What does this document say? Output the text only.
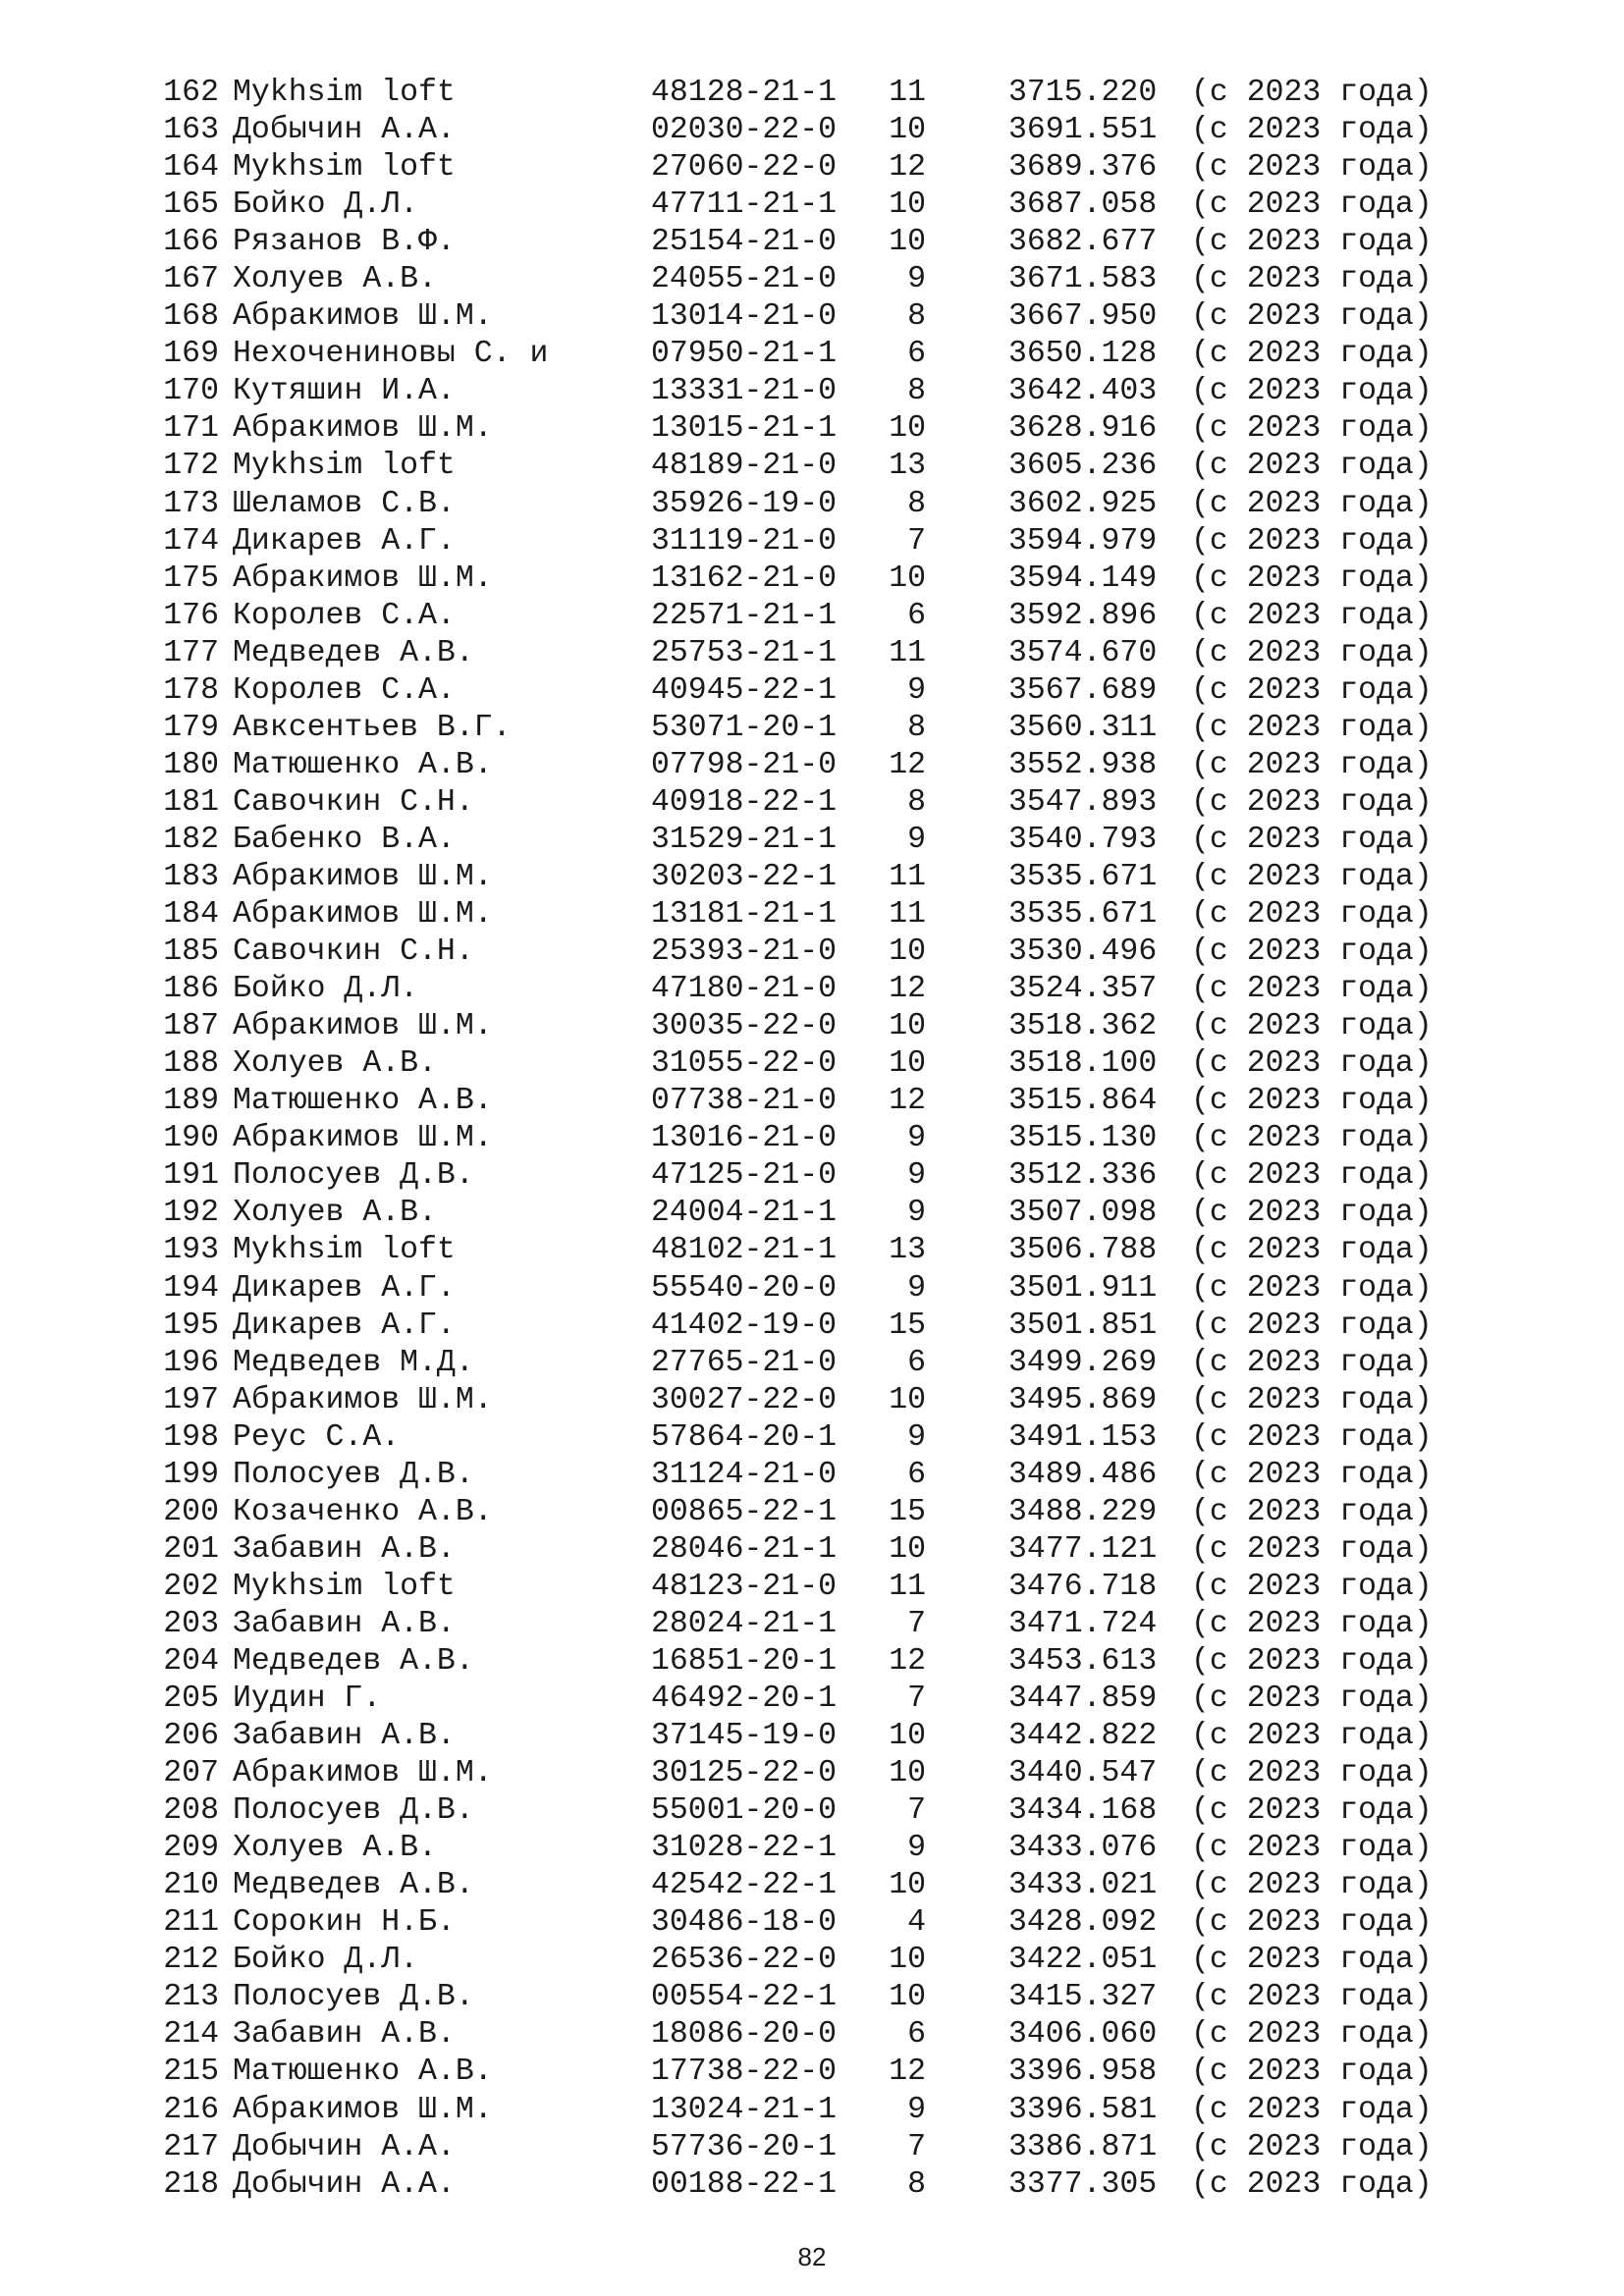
162 Mykhsim loft	48128-21-1	11	3715.220 (с 2023 года)
163 Добычин А.А.	02030-22-0	10	3691.551 (с 2023 года)
164 Mykhsim loft	27060-22-0	12	3689.376 (с 2023 года)
165 Бойко Д.Л.	47711-21-1	10	3687.058 (с 2023 года)
166 Рязанов В.Ф.	25154-21-0	10	3682.677 (с 2023 года)
167 Холуев А.В.	24055-21-0	9	3671.583 (с 2023 года)
168 Абракимов Ш.М.	13014-21-0	8	3667.950 (с 2023 года)
169 Нехоченинoвы С. и	07950-21-1	6	3650.128 (с 2023 года)
170 Кутяшин И.А.	13331-21-0	8	3642.403 (с 2023 года)
171 Абракимов Ш.М.	13015-21-1	10	3628.916 (с 2023 года)
172 Mykhsim loft	48189-21-0	13	3605.236 (с 2023 года)
173 Шеламов С.В.	35926-19-0	8	3602.925 (с 2023 года)
174 Дикарев А.Г.	31119-21-0	7	3594.979 (с 2023 года)
175 Абракимов Ш.М.	13162-21-0	10	3594.149 (с 2023 года)
176 Королев С.А.	22571-21-1	6	3592.896 (с 2023 года)
177 Медведев А.В.	25753-21-1	11	3574.670 (с 2023 года)
178 Королев С.А.	40945-22-1	9	3567.689 (с 2023 года)
179 Авксентьев В.Г.	53071-20-1	8	3560.311 (с 2023 года)
180 Матюшенко А.В.	07798-21-0	12	3552.938 (с 2023 года)
181 Савочкин С.Н.	40918-22-1	8	3547.893 (с 2023 года)
182 Бабенко В.А.	31529-21-1	9	3540.793 (с 2023 года)
183 Абракимов Ш.М.	30203-22-1	11	3535.671 (с 2023 года)
184 Абракимов Ш.М.	13181-21-1	11	3535.671 (с 2023 года)
185 Савочкин С.Н.	25393-21-0	10	3530.496 (с 2023 года)
186 Бойко Д.Л.	47180-21-0	12	3524.357 (с 2023 года)
187 Абракимов Ш.М.	30035-22-0	10	3518.362 (с 2023 года)
188 Холуев А.В.	31055-22-0	10	3518.100 (с 2023 года)
189 Матюшенко А.В.	07738-21-0	12	3515.864 (с 2023 года)
190 Абракимов Ш.М.	13016-21-0	9	3515.130 (с 2023 года)
191 Полосуев Д.В.	47125-21-0	9	3512.336 (с 2023 года)
192 Холуев А.В.	24004-21-1	9	3507.098 (с 2023 года)
193 Mykhsim loft	48102-21-1	13	3506.788 (с 2023 года)
194 Дикарев А.Г.	55540-20-0	9	3501.911 (с 2023 года)
195 Дикарев А.Г.	41402-19-0	15	3501.851 (с 2023 года)
196 Медведев М.Д.	27765-21-0	6	3499.269 (с 2023 года)
197 Абракимов Ш.М.	30027-22-0	10	3495.869 (с 2023 года)
198 Реус С.А.	57864-20-1	9	3491.153 (с 2023 года)
199 Полосуев Д.В.	31124-21-0	6	3489.486 (с 2023 года)
200 Козаченко А.В.	00865-22-1	15	3488.229 (с 2023 года)
201 Забавин А.В.	28046-21-1	10	3477.121 (с 2023 года)
202 Mykhsim loft	48123-21-0	11	3476.718 (с 2023 года)
203 Забавин А.В.	28024-21-1	7	3471.724 (с 2023 года)
204 Медведев А.В.	16851-20-1	12	3453.613 (с 2023 года)
205 Иудин Г.	46492-20-1	7	3447.859 (с 2023 года)
206 Забавин А.В.	37145-19-0	10	3442.822 (с 2023 года)
207 Абракимов Ш.М.	30125-22-0	10	3440.547 (с 2023 года)
208 Полосуев Д.В.	55001-20-0	7	3434.168 (с 2023 года)
209 Холуев А.В.	31028-22-1	9	3433.076 (с 2023 года)
210 Медведев А.В.	42542-22-1	10	3433.021 (с 2023 года)
211 Сорокин Н.Б.	30486-18-0	4	3428.092 (с 2023 года)
212 Бойко Д.Л.	26536-22-0	10	3422.051 (с 2023 года)
213 Полосуев Д.В.	00554-22-1	10	3415.327 (с 2023 года)
214 Забавин А.В.	18086-20-0	6	3406.060 (с 2023 года)
215 Матюшенко А.В.	17738-22-0	12	3396.958 (с 2023 года)
216 Абракимов Ш.М.	13024-21-1	9	3396.581 (с 2023 года)
217 Добычин А.А.	57736-20-1	7	3386.871 (с 2023 года)
218 Добычин А.А.	00188-22-1	8	3377.305 (с 2023 года)
82
